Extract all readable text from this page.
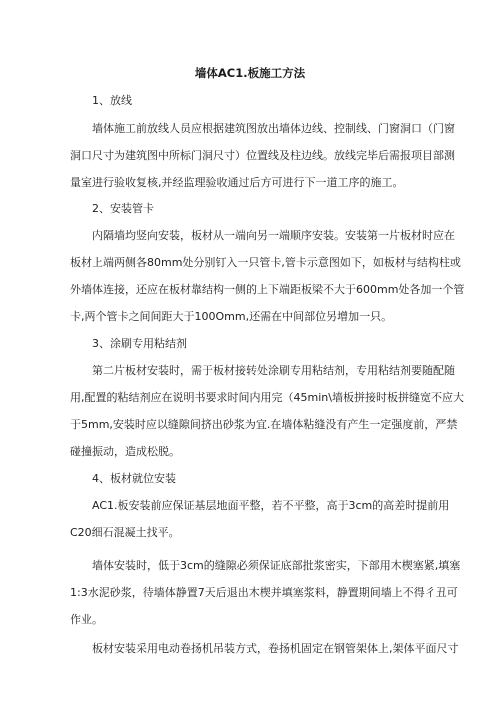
墙体AC1.板施工方法
1、放线
墙体施工前放线人员应根据建筑图放出墙体边线、控制线、门窗洞口（门窗
洞口尺寸为建筑图中所标门洞尺寸）位置线及柱边线。放线完毕后需报项目部测
量室进行验收复核,并经监理验收通过后方可进行下一道工序的施工。
2、安装管卡
内隔墙均竖向安装，板材从一端向另一端顺序安装。安装第一片板材时应在
板材上端两侧各80mm处分别钉入一只管卡,管卡示意图如下，如板材与结构柱或
外墙体连接，还应在板材靠结构一侧的上下端距板梁不大于600mm处各加一个管
卡,两个管卡之间间距大于100Omm,还需在中间部位另增加一只。
3、涂刷专用粘结剂
第二片板材安装时，需于板材接转处涂刷专用粘结剂，专用粘结剂要随配随
用,配置的粘结剂应在说明书要求时间内用完（45min\墙板拼接时板拼缝宽不应大
于5mm,安装时应以缝隙间挤出砂浆为宜.在墙体粘缝没有产生一定强度前，严禁
碰撞振动，造成松脱。
4、板材就位安装
AC1.板安装前应保证基层地面平整，若不平整，高于3cm的高差时提前用
C20细石混凝土找平。
墙体安装时，低于3cm的缝隙必须保证底部批浆密实，下部用木楔塞紧,填塞
1:3水泥砂浆，待墙体静置7天后退出木楔并填塞浆料，静置期间墙上不得彳丑可
作业。
板材安装采用电动卷扬机吊装方式，卷扬机固定在钢管架体上,架体平面尺寸
